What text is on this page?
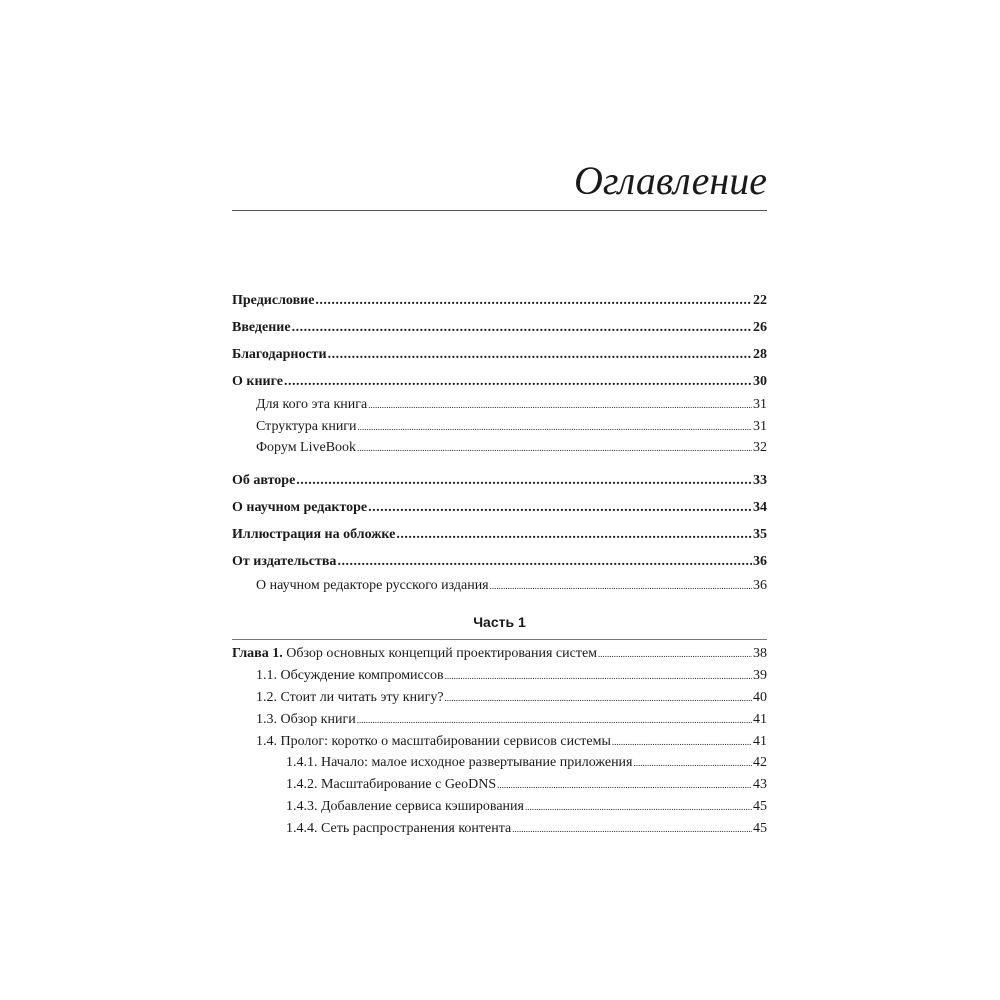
Оглавление
Предисловие .....	22
Введение .....	26
Благодарности .....	28
О книге .....	30
Для кого эта книга .....	31
Структура книги .....	31
Форум LiveBook .....	32
Об авторе .....	33
О научном редакторе .....	34
Иллюстрация на обложке .....	35
От издательства .....	36
О научном редакторе русского издания .....	36
Часть 1
Глава 1. Обзор основных концепций проектирования систем .....	38
1.1. Обсуждение компромиссов .....	39
1.2. Стоит ли читать эту книгу? .....	40
1.3. Обзор книги .....	41
1.4. Пролог: коротко о масштабировании сервисов системы .....	41
1.4.1. Начало: малое исходное развертывание приложения .....	42
1.4.2. Масштабирование с GeoDNS .....	43
1.4.3. Добавление сервиса кэширования .....	45
1.4.4. Сеть распространения контента .....	45
